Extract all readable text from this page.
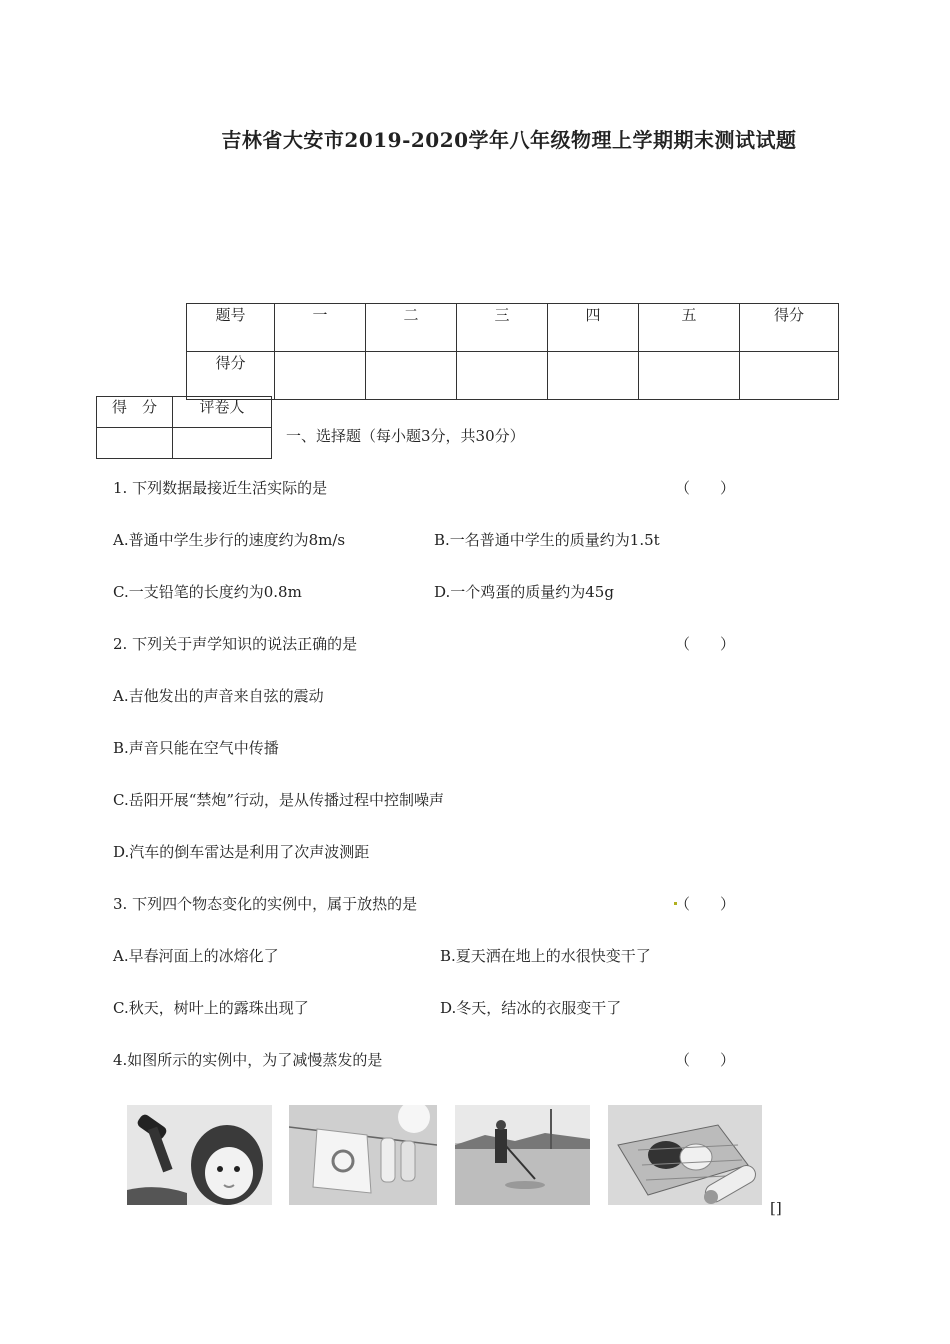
吉林省大安市2019-2020学年八年级物理上学期期末测试试题
题号	一	二	三	四	五	得分
得分						
得　分	评卷人

一、选择题（每小题3分，共30分）
1. 下列数据最接近生活实际的是	（　　）
A.普通中学生步行的速度约为8m/s	B.一名普通中学生的质量约为1.5t
C.一支铅笔的长度约为0.8m	D.一个鸡蛋的质量约为45g
2. 下列关于声学知识的说法正确的是	（　　）
A.吉他发出的声音来自弦的震动
B.声音只能在空气中传播
C.岳阳开展“禁炮”行动，是从传播过程中控制噪声
D.汽车的倒车雷达是利用了次声波测距
3. 下列四个物态变化的实例中，属于放热的是	（　　）
A.早春河面上的冰熔化了	B.夏天洒在地上的水很快变干了
C.秋天，树叶上的露珠出现了	D.冬天，结冰的衣服变干了
4.如图所示的实例中，为了减慢蒸发的是	（　　）
[]
